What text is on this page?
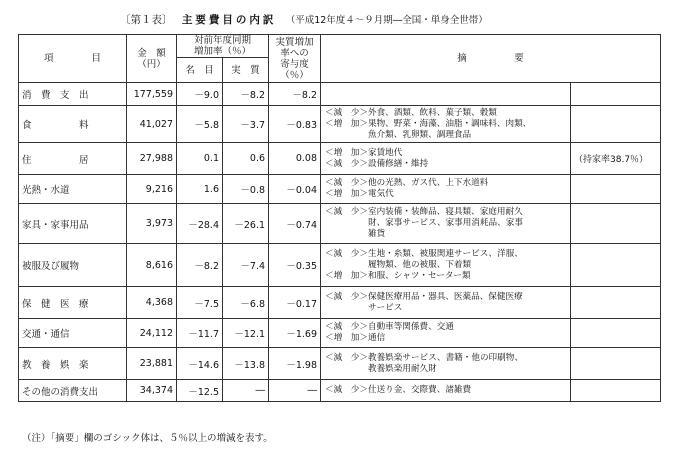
〔第１表〕 主要費目の内訳 （平成12年度４～９月期―全国・単身全世帯）
項　　　　目	金　額
（円）	対前年度同期
増加率（％）		実質増加
率への
寄与度
（％）	摘　　　　　要	
		名　目	実　質			
消　費　支　出	177,559	－9.0	－8.2	－8.2		
食　　　　　料	41,027	－5.8	－3.7	－0.83	＜減　少＞外食、酒類、飲料、菓子類、穀類
＜増　加＞果物、野菜・海藻、油脂・調味料、肉類、
　　　　　魚介類、乳卵類、調理食品	

住　　　　　居	27,988	0.1	0.6	0.08	＜増　加＞家賃地代
＜減　少＞設備修繕・維持	（持家率38.7％）
光熱・水道	9,216	1.6	－0.8	－0.04	＜減　少＞他の光熱、ガス代、上下水道料
＜増　加＞電気代	

家具・家事用品	3,973	－28.4	－26.1	－0.74	＜減　少＞室内装備・装飾品、寝具類、家庭用耐久
　　　　　財、家事サービス、家事用消耗品、家事
　　　　　雑貨	

被服及び履物	8,616	－8.2	－7.4	－0.35	＜減　少＞生地・糸類、被服関連サービス、洋服、
　　　　　履物類、他の被服、下着類
＜増　加＞和服、シャツ・セーター類	

保　健　医　療	4,368	－7.5	－6.8	－0.17	＜減　少＞保健医療用品・器具、医薬品、保健医療
　　　　　サービス	

交通・通信	24,112	－11.7	－12.1	－1.69	＜減　少＞自動車等関係費、交通
＜増　加＞通信	

教　養　娯　楽	23,881	－14.6	－13.8	－1.98	＜減　少＞教養娯楽サービス、書籍・他の印刷物、
　　　　　教養娯楽用耐久財	

その他の消費支出	34,374	－12.5	―	―	＜減　少＞仕送り金、交際費、諸雑費	

（注）「摘要」欄のゴシック体は、５％以上の増減を表す。
